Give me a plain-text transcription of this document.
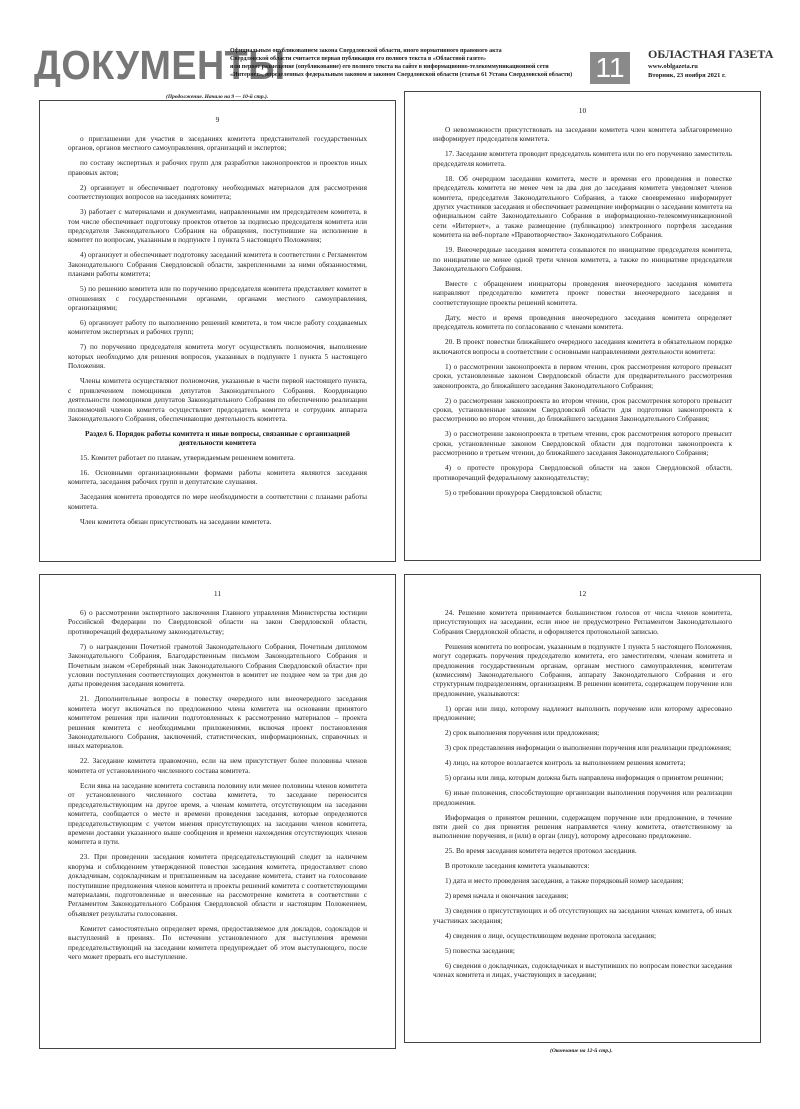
ДОКУМЕНТЫ
Официальным опубликованием закона Свердловской области, иного нормативного правового акта
Свердловской области считается первая публикация его полного текста в «Областной газете»
или первое размещение (опубликование) его полного текста на сайте в информационно-телекоммуникационной сети
«Интернет», определенных федеральным законом и законом Свердловской области (статья 61 Устава Свердловской области) 11	ОБЛАСТНАЯ ГАЗЕТА
www.oblgazeta.ru
Вторник, 23 ноября 2021 г.
(Продолжение. Начало на 9 — 10-й стр.).
9

о приглашении для участия в заседаниях комитета представителей государственных органов, органов местного самоуправления, организаций и экспертов;

по составу экспертных и рабочих групп для разработки законопроектов и проектов иных правовых актов;

2) организует и обеспечивает подготовку необходимых материалов для рассмотрения соответствующих вопросов на заседаниях комитета;

3) работает с материалами и документами, направленными им председателем комитета, в том числе обеспечивает подготовку проектов ответов за подписью председателя комитета или председателя Законодательного Собрания на обращения, поступившие на исполнение в комитет по вопросам, указанным в подпункте 1 пункта 5 настоящего Положения;

4) организует и обеспечивает подготовку заседаний комитета в соответствии с Регламентом Законодательного Собрания Свердловской области, закрепленными за ними обязанностями, планами работы комитета;

5) по решению комитета или по поручению председателя комитета представляет комитет в отношениях с государственными органами, органами местного самоуправления, организациями;

6) организует работу по выполнению решений комитета, в том числе работу создаваемых комитетом экспертных и рабочих групп;

7) по поручению председателя комитета могут осуществлять полномочия, выполнение которых необходимо для решения вопросов, указанных в подпункте 1 пункта 5 настоящего Положения.

Члены комитета осуществляют полномочия, указанные в части первой настоящего пункта, с привлечением помощников депутатов Законодательного Собрания. Координацию деятельности помощников депутатов Законодательного Собрания по обеспечению реализации полномочий членов комитета осуществляет председатель комитета и сотрудник аппарата Законодательного Собрания, обеспечивающие деятельность комитета.

Раздел 6. Порядок работы комитета и иные вопросы, связанные с организацией деятельности комитета

15. Комитет работает по планам, утверждаемым решением комитета.

16. Основными организационными формами работы комитета являются заседания комитета, заседания рабочих групп и депутатские слушания.

Заседания комитета проводятся по мере необходимости в соответствии с планами работы комитета.

Член комитета обязан присутствовать на заседании комитета.

10

О невозможности присутствовать на заседании комитета член комитета заблаговременно информирует председателя комитета.

17. Заседание комитета проводит председатель комитета или по его поручению заместитель председателя комитета.

18. Об очередном заседании комитета, месте и времени его проведения и повестке председатель комитета не менее чем за два дня до заседания комитета уведомляет членов комитета, председателя Законодательного Собрания, а также своевременно информирует других участников заседания и обеспечивает размещение информации о заседании комитета на официальном сайте Законодательного Собрания в информационно-телекоммуникационной сети «Интернет», а также размещение (публикацию) электронного портфеля заседания комитета на веб-портале «Правотворчество» Законодательного Собрания.

19. Внеочередные заседания комитета созываются по инициативе председателя комитета, по инициативе не менее одной трети членов комитета, а также по инициативе председателя Законодательного Собрания.

Вместе с обращением инициаторы проведения внеочередного заседания комитета направляют председателю комитета проект повестки внеочередного заседания и соответствующие проекты решений комитета.

Дату, место и время проведения внеочередного заседания комитета определяет председатель комитета по согласованию с членами комитета.

20. В проект повестки ближайшего очередного заседания комитета в обязательном порядке включаются вопросы в соответствии с основными направлениями деятельности комитета:

1) о рассмотрении законопроекта в первом чтении, срок рассмотрения которого превысит сроки, установленные законом Свердловской области для предварительного рассмотрения законопроекта, до ближайшего заседания Законодательного Собрания;

2) о рассмотрении законопроекта во втором чтении, срок рассмотрения которого превысит сроки, установленные законом Свердловской области для подготовки законопроекта к рассмотрению во втором чтении, до ближайшего заседания Законодательного Собрания;

3) о рассмотрении законопроекта в третьем чтении, срок рассмотрения которого превысит сроки, установленные законом Свердловской области для подготовки законопроекта к рассмотрению в третьем чтении, до ближайшего заседания Законодательного Собрания;

4) о протесте прокурора Свердловской области на закон Свердловской области, противоречащий федеральному законодательству;

5) о требовании прокурора Свердловской области;

11

6) о рассмотрении экспертного заключения Главного управления Министерства юстиции Российской Федерации по Свердловской области на закон Свердловской области, противоречащий федеральному законодательству;

7) о награждении Почетной грамотой Законодательного Собрания, Почетным дипломом Законодательного Собрания, Благодарственным письмом Законодательного Собрания и Почетным знаком «Серебряный знак Законодательного Собрания Свердловской области» при условии поступления соответствующих документов в комитет не позднее чем за три дня до даты проведения заседания комитета.

21. Дополнительные вопросы в повестку очередного или внеочередного заседания комитета могут включаться по предложению члена комитета на основании принятого комитетом решения при наличии подготовленных к рассмотрению материалов – проекта решения комитета с необходимыми приложениями, включая проект постановления Законодательного Собрания, заключений, статистических, информационных, справочных и иных материалов.

22. Заседание комитета правомочно, если на нем присутствует более половины членов комитета от установленного численного состава комитета.

Если явка на заседание комитета составила половину или менее половины членов комитета от установленного численного состава комитета, то заседание переносится председательствующим на другое время, а членам комитета, отсутствующим на заседании комитета, сообщается о месте и времени проведения заседания, которые определяются председательствующим с учетом мнения присутствующих на заседании членов комитета, времени доставки указанного выше сообщения и времени нахождения отсутствующих членов комитета в пути.

23. При проведении заседания комитета председательствующий следит за наличием кворума и соблюдением утвержденной повестки заседания комитета, предоставляет слово докладчикам, содокладчикам и приглашенным на заседание комитета, ставит на голосование поступившие предложения членов комитета и проекты решений комитета с соответствующими материалами, подготовленные и внесенные на рассмотрение комитета в соответствии с Регламентом Законодательного Собрания Свердловской области и настоящим Положением, объявляет результаты голосования.

Комитет самостоятельно определяет время, предоставляемое для докладов, содокладов и выступлений в прениях. По истечении установленного для выступления времени председательствующий на заседании комитета предупреждает об этом выступающего, после чего может прервать его выступление.

12

24. Решение комитета принимается большинством голосов от числа членов комитета, присутствующих на заседании, если иное не предусмотрено Регламентом Законодательного Собрания Свердловской области, и оформляется протокольной записью.

Решения комитета по вопросам, указанным в подпункте 1 пункта 5 настоящего Положения, могут содержать поручения председателю комитета, его заместителям, членам комитета и предложения государственным органам, органам местного самоуправления, комитетам (комиссиям) Законодательного Собрания, аппарату Законодательного Собрания и его структурным подразделениям, организациям. В решении комитета, содержащем поручение или предложение, указываются:

1) орган или лицо, которому надлежит выполнить поручение или которому адресовано предложение;

2) срок выполнения поручения или предложения;

3) срок представления информации о выполнении поручения или реализации предложения;

4) лицо, на которое возлагается контроль за выполнением решения комитета;

5) органы или лица, которым должна быть направлена информация о принятом решении;

6) иные положения, способствующие организации выполнения поручения или реализации предложения.

Информация о принятом решении, содержащем поручение или предложение, в течение пяти дней со дня принятия решения направляется члену комитета, ответственному за выполнение поручения, и (или) в орган (лицу), которому адресовано предложение.

25. Во время заседания комитета ведется протокол заседания.

В протоколе заседания комитета указываются:

1) дата и место проведения заседания, а также порядковый номер заседания;

2) время начала и окончания заседания;

3) сведения о присутствующих и об отсутствующих на заседании членах комитета, об иных участниках заседания;

4) сведения о лице, осуществляющем ведение протокола заседания;

5) повестка заседания;

6) сведения о докладчиках, содокладчиках и выступивших по вопросам повестки заседания членах комитета и лицах, участвующих в заседании;

(Окончание на 12-й стр.).
